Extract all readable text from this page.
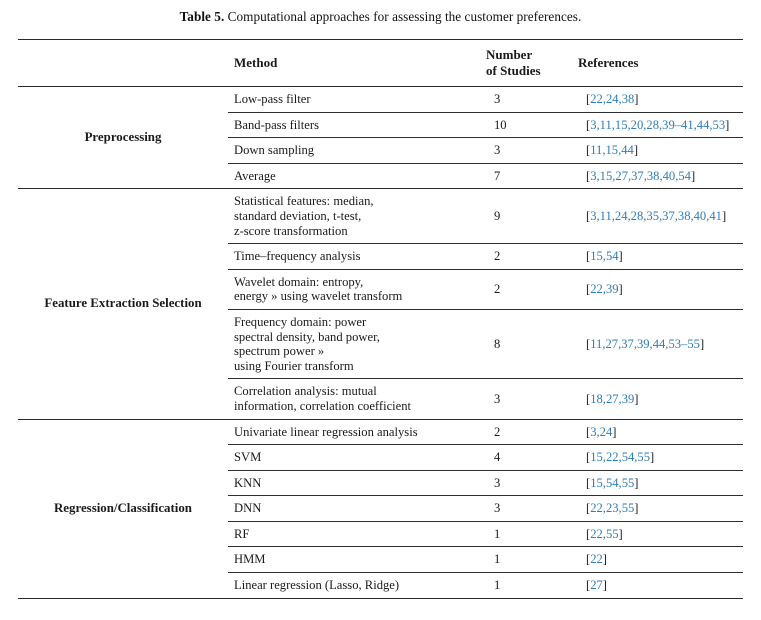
Table 5. Computational approaches for assessing the customer preferences.
	Method	Number
of Studies	References
Preprocessing	Low-pass filter	3	[22,24,38]

	Band-pass filters	10	[3,11,15,20,28,39–41,44,53]

	Down sampling	3	[11,15,44]

	Average	7	[3,15,27,37,38,40,54]
Feature Extraction Selection	Statistical features: median,
standard deviation, t-test,
z-score transformation	9	[3,11,24,28,35,37,38,40,41]

	Time–frequency analysis	2	[15,54]

	Wavelet domain: entropy,
energy » using wavelet transform	2	[22,39]

	Frequency domain: power
spectral density, band power,
spectrum power »
using Fourier transform	8	[11,27,37,39,44,53–55]

	Correlation analysis: mutual
information, correlation coefficient	3	[18,27,39]
Regression/Classification	Univariate linear regression analysis	2	[3,24]

	SVM	4	[15,22,54,55]

	KNN	3	[15,54,55]

	DNN	3	[22,23,55]

	RF	1	[22,55]

	HMM	1	[22]

	Linear regression (Lasso, Ridge)	1	[27]
